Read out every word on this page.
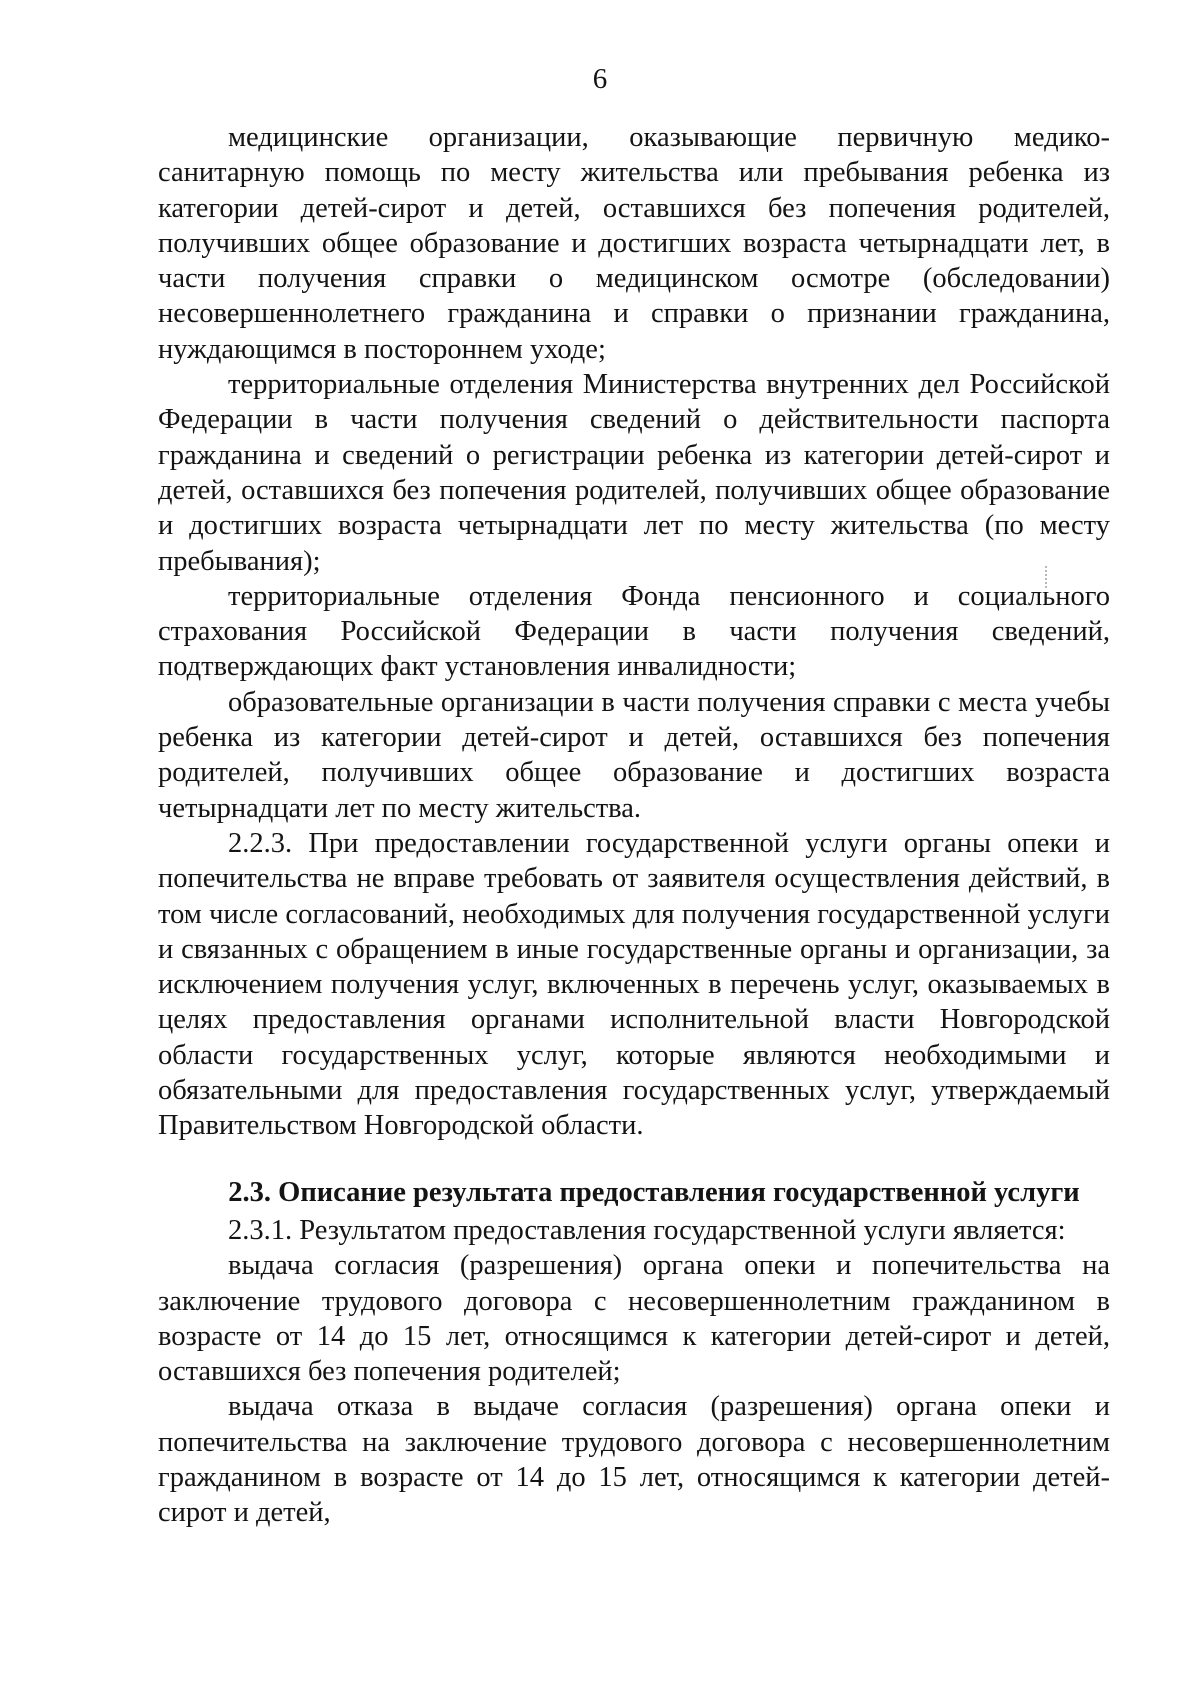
6

медицинские организации, оказывающие первичную медико-санитарную помощь по месту жительства или пребывания ребенка из категории детей-сирот и детей, оставшихся без попечения родителей, получивших общее образование и достигших возраста четырнадцати лет, в части получения справки о медицинском осмотре (обследовании) несовершеннолетнего гражданина и справки о признании гражданина, нуждающимся в постороннем уходе;

территориальные отделения Министерства внутренних дел Российской Федерации в части получения сведений о действительности паспорта гражданина и сведений о регистрации ребенка из категории детей-сирот и детей, оставшихся без попечения родителей, получивших общее образование и достигших возраста четырнадцати лет по месту жительства (по месту пребывания);

территориальные отделения Фонда пенсионного и социального страхования Российской Федерации в части получения сведений, подтверждающих факт установления инвалидности;

образовательные организации в части получения справки с места учебы ребенка из категории детей-сирот и детей, оставшихся без попечения родителей, получивших общее образование и достигших возраста четырнадцати лет по месту жительства.

2.2.3. При предоставлении государственной услуги органы опеки и попечительства не вправе требовать от заявителя осуществления действий, в том числе согласований, необходимых для получения государственной услуги и связанных с обращением в иные государственные органы и организации, за исключением получения услуг, включенных в перечень услуг, оказываемых в целях предоставления органами исполнительной власти Новгородской области государственных услуг, которые являются необходимыми и обязательными для предоставления государственных услуг, утверждаемый Правительством Новгородской области.

2.3. Описание результата предоставления государственной услуги

2.3.1. Результатом предоставления государственной услуги является:

выдача согласия (разрешения) органа опеки и попечительства на заключение трудового договора с несовершеннолетним гражданином в возрасте от 14 до 15 лет, относящимся к категории детей-сирот и детей, оставшихся без попечения родителей;

выдача отказа в выдаче согласия (разрешения) органа опеки и попечительства на заключение трудового договора с несовершеннолетним гражданином в возрасте от 14 до 15 лет, относящимся к категории детей-сирот и детей,
